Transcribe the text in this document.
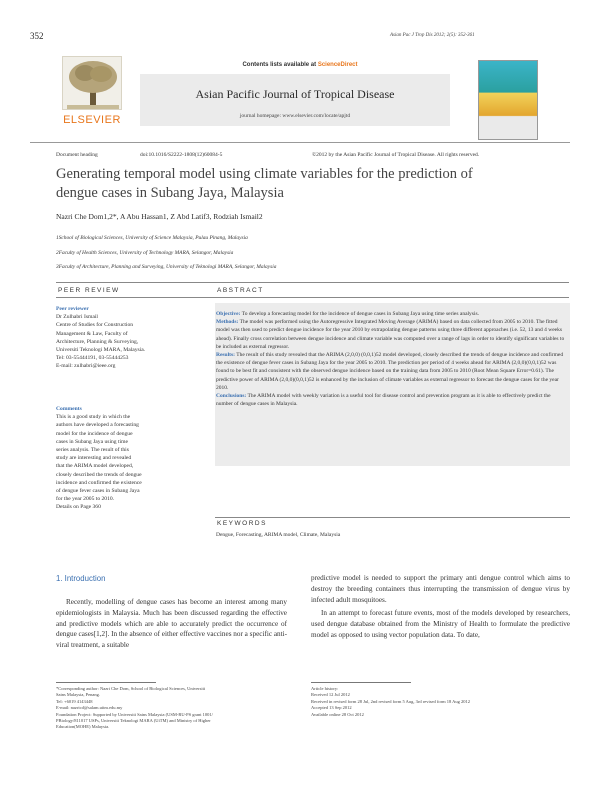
352	Asian Pac J Trop Dis 2012; 2(5): 352-361
ELSEVIER
Contents lists available at ScienceDirect
Asian Pacific Journal of Tropical Disease
journal homepage: www.elsevier.com/locate/apjtd
Document heading	doi:10.1016/S2222-1808(12)60084-5	©2012 by the Asian Pacific Journal of Tropical Disease. All rights reserved.
Generating temporal model using climate variables for the prediction of
dengue cases in Subang Jaya, Malaysia
Nazri Che Dom1,2*, A Abu Hassan1, Z Abd Latif3, Rodziah Ismail2
1School of Biological Sciences, University of Science Malaysia, Pulau Pinang, Malaysia
2Faculty of Health Sciences, University of Technology MARA, Selangor, Malaysia
3Faculty of Architecture, Planning and Surveying, University of Teknologi MARA, Selangor, Malaysia
PEER REVIEW	ABSTRACT
Peer reviewer
Dr Zulhabri Ismail
Centre of Studies for Construction
Management & Law, Faculty of
Architecture, Planning & Surveying,
Universiti Teknologi MARA, Malaysia.
Tel: 03-55444191, 03-55444253
E-mail: zulhabri@ieee.org
Comments
This is a good study in which the
authors have developed a forecasting
model for the incidence of dengue
cases in Subang Jaya using time
series analysis. The result of this
study are interesting and revealed
that the ARIMA model developed,
closely described the trends of dengue
incidence and confirmed the existence
of dengue fever cases in Subang Jaya
for the year 2005 to 2010.
Details on Page 360
Objective: To develop a forecasting model for the incidence of dengue cases in Subang Jaya using time series analysis.
Methods: The model was performed using the Autoregressive Integrated Moving Average (ARIMA) based on data collected from 2005 to 2010. The fitted model was then used to predict dengue incidence for the year 2010 by extrapolating dengue patterns using three different approaches (i.e. 52, 13 and 4 weeks ahead). Finally cross correlation between dengue incidence and climate variable was computed over a range of lags in order to identify significant variables to be included as external regressor.
Results: The result of this study revealed that the ARIMA (2,0,0) (0,0,1)52 model developed, closely described the trends of dengue incidence and confirmed the existence of dengue fever cases in Subang Jaya for the year 2005 to 2010. The prediction per period of 4 weeks ahead for ARIMA (2,0,0)(0,0,1)52 was found to be best fit and consistent with the observed dengue incidence based on the training data from 2005 to 2010 (Root Mean Square Error=0.61). The predictive power of ARIMA (2,0,0)(0,0,1)52 is enhanced by the inclusion of climate variables as external regressor to forecast the dengue cases for the year 2010.
Conclusions: The ARIMA model with weekly variation is a useful tool for disease control and prevention program as it is able to effectively predict the number of dengue cases in Malaysia.
KEYWORDS
Dengue, Forecasting, ARIMA model, Climate, Malaysia
1. Introduction

Recently, modelling of dengue cases has become an interest among many epidemiologists in Malaysia. Much has been discussed regarding the effective and predictive models which are able to accurately predict the occurrence of dengue cases[1,2]. In the absence of either effective vaccines nor a specific anti-viral treatment, a suitable

predictive model is needed to support the primary anti dengue control which aims to destroy the breeding containers thus interrupting the transmission of dengue virus by infected adult mosquitoes.

In an attempt to forecast future events, most of the models developed by researchers, used dengue database obtained from the Ministry of Health to formulate the predictive model as opposed to using vector population data. To date,

*Corresponding author: Nazri Che Dom, School of Biological Sciences, Universiti
Sains Malaysia, Penang.
Tel: +6019 4143448
E-mail: nazricd@salam.uitm.edu.my
Foundation Project: Supported by Universiti Sains Malaysia (USM-RU-PS grant 1001/
PBiology/811017 USPs, Universiti Teknologi MARA (UiTM) and Ministry of Higher
Education(MOHE) Malaysia.
Article history:
Received 12 Jul 2012
Received in revised form 28 Jul, 2nd revised form 5 Aug, 3rd revised form 18 Aug 2012
Accepted 13 Sep 2012
Available online 28 Oct 2012
